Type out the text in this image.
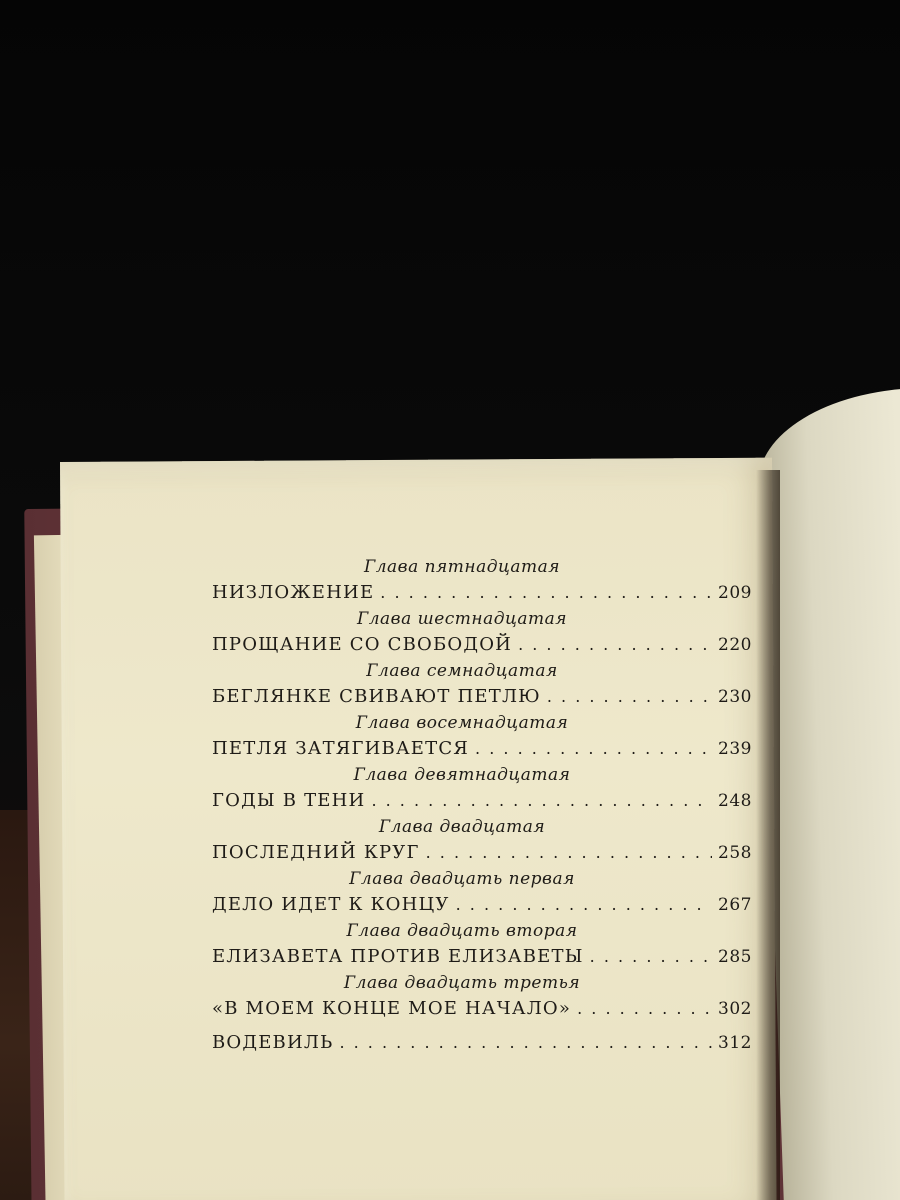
Глава пятнадцатая
НИЗЛОЖЕНИЕ . . .	209
Глава шестнадцатая
ПРОЩАНИЕ СО СВОБОДОЙ . . .	220
Глава семнадцатая
БЕГЛЯНКЕ СВИВАЮТ ПЕТЛЮ . . .	230
Глава восемнадцатая
ПЕТЛЯ ЗАТЯГИВАЕТСЯ . . .	239
Глава девятнадцатая
ГОДЫ В ТЕНИ . . .	248
Глава двадцатая
ПОСЛЕДНИЙ КРУГ . . .	258
Глава двадцать первая
ДЕЛО ИДЕТ К КОНЦУ . . .	267
Глава двадцать вторая
ЕЛИЗАВЕТА ПРОТИВ ЕЛИЗАВЕТЫ . . .	285
Глава двадцать третья
«В МОЕМ КОНЦЕ МОЕ НАЧАЛО» . . .	302
ВОДЕВИЛЬ . . .	312
